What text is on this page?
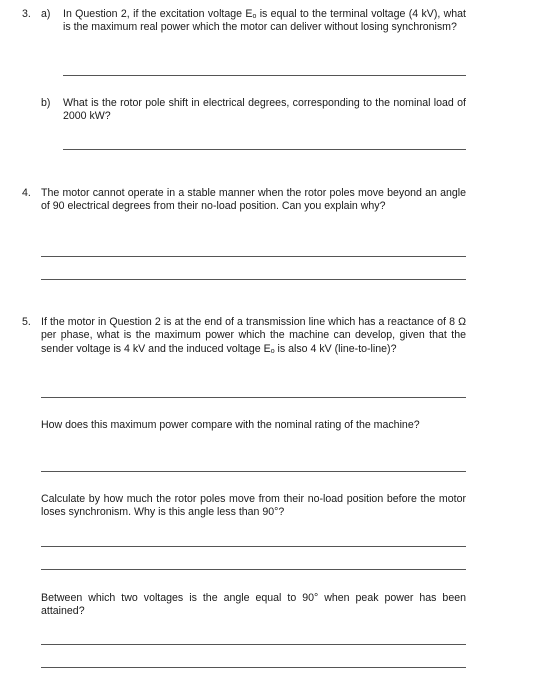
3. a) In Question 2, if the excitation voltage $E_o$ is equal to the terminal voltage (4 kV), what is the maximum real power which the motor can deliver without losing synchronism?

b) What is the rotor pole shift in electrical degrees, corresponding to the nominal load of 2000 kW?

4. The motor cannot operate in a stable manner when the rotor poles move beyond an angle of 90 electrical degrees from their no-load position. Can you explain why?

5. If the motor in Question 2 is at the end of a transmission line which has a reactance of 8 Ω per phase, what is the maximum power which the machine can develop, given that the sender voltage is 4 kV and the induced voltage $E_o$ is also 4 kV (line-to-line)?

How does this maximum power compare with the nominal rating of the machine?

Calculate by how much the rotor poles move from their no-load position before the motor loses synchronism. Why is this angle less than 90°?

Between which two voltages is the angle equal to 90° when peak power has been attained?
